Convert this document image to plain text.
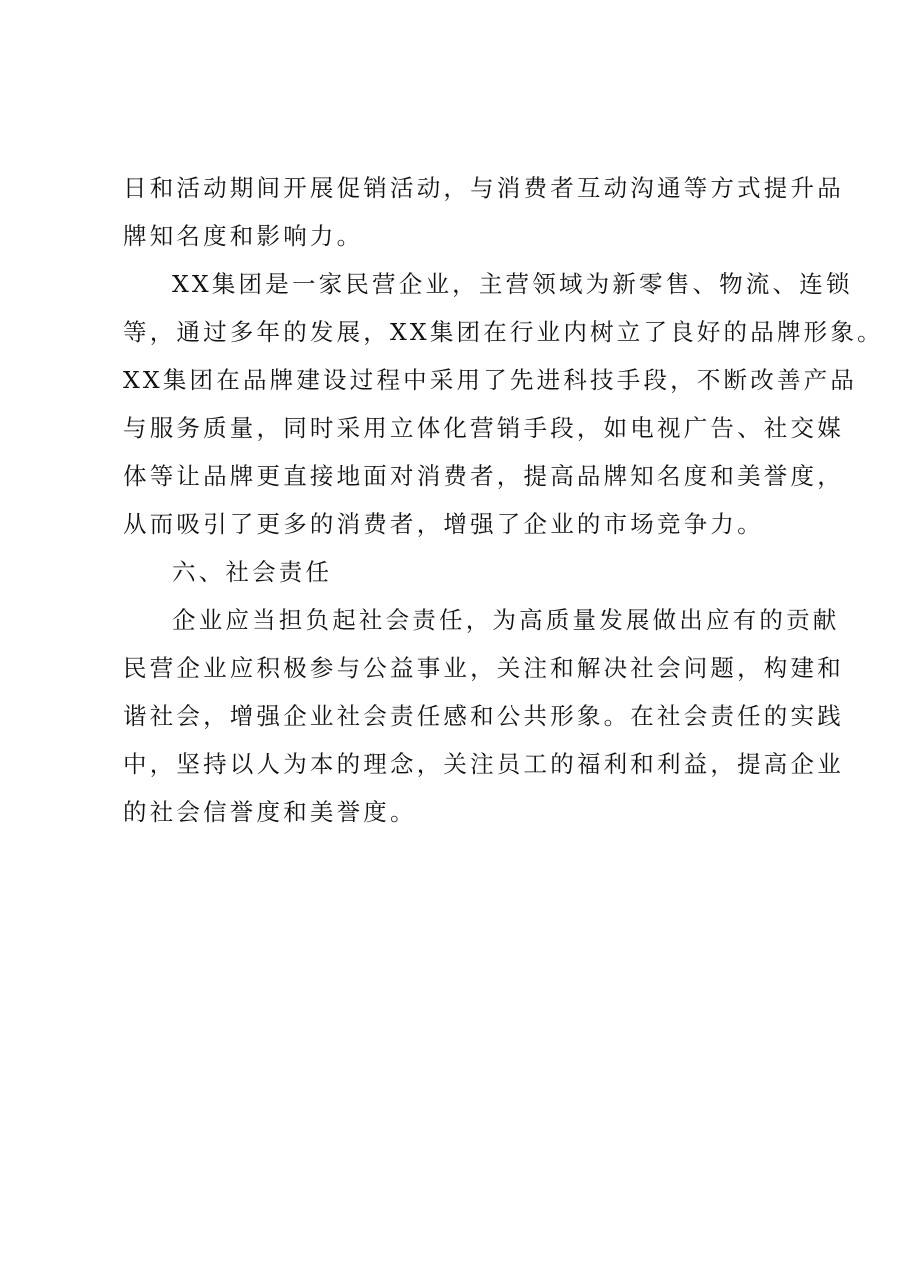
日和活动期间开展促销活动，与消费者互动沟通等方式提升品
牌知名度和影响力。
XX集团是一家民营企业，主营领域为新零售、物流、连锁
等，通过多年的发展，XX集团在行业内树立了良好的品牌形象。
XX集团在品牌建设过程中采用了先进科技手段，不断改善产品
与服务质量，同时采用立体化营销手段，如电视广告、社交媒
体等让品牌更直接地面对消费者，提高品牌知名度和美誉度，
从而吸引了更多的消费者，增强了企业的市场竞争力。
六、社会责任
企业应当担负起社会责任，为高质量发展做出应有的贡献
民营企业应积极参与公益事业，关注和解决社会问题，构建和
谐社会，增强企业社会责任感和公共形象。在社会责任的实践
中，坚持以人为本的理念，关注员工的福利和利益，提高企业
的社会信誉度和美誉度。
